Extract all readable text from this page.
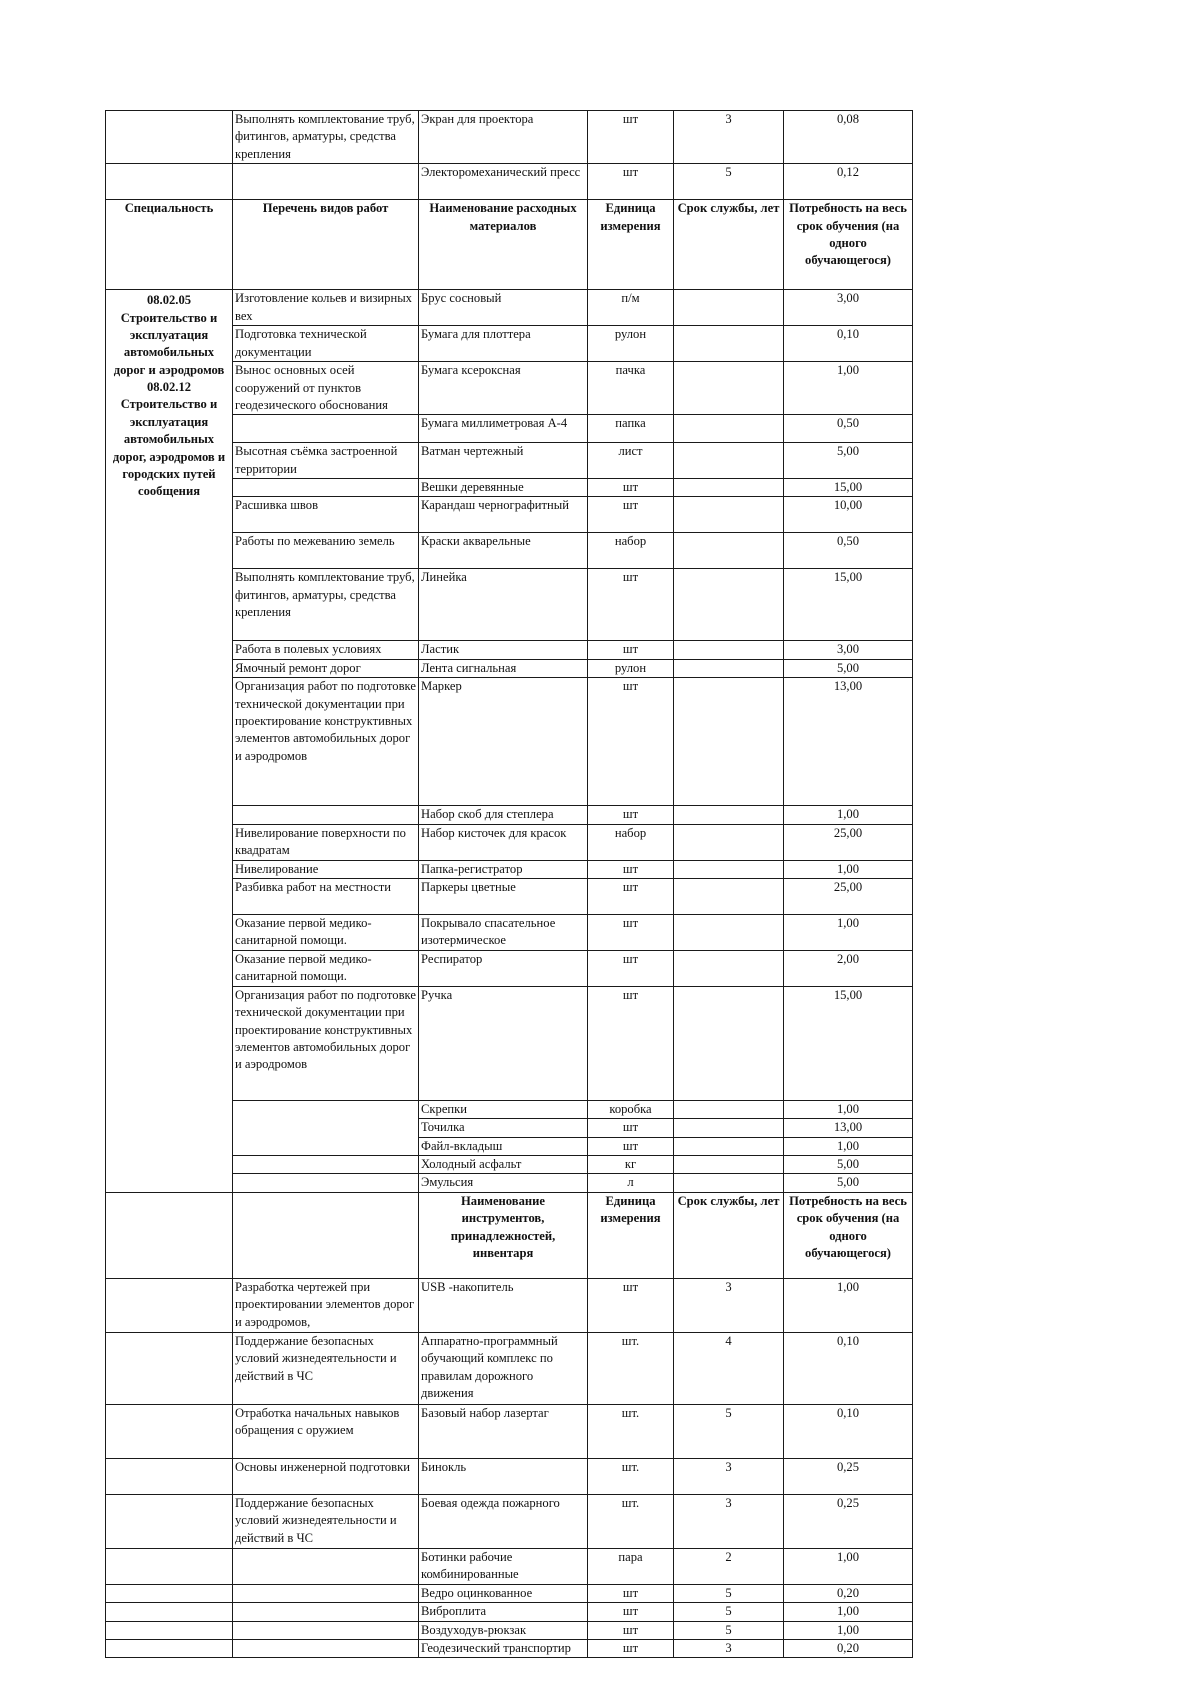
	Выполнять комплектование труб, фитингов, арматуры, средства крепления	Экран для проектора	шт	3	0,08
		Электоромеханический пресс	шт	5	0,12
Специальность	Перечень видов работ	Наименование расходных материалов	Единица измерения	Срок службы, лет	Потребность на весь срок обучения (на одного обучающегося)
08.02.05 Строительство и эксплуатация автомобильных дорог и аэродромов 08.02.12 Строительство и эксплуатация автомобильных дорог, аэродромов и городских путей сообщения	Изготовление кольев и визирных вех	Брус сосновый	п/м		3,00
	Подготовка технической документации	Бумага для плоттера	рулон		0,10
	Вынос основных осей сооружений от пунктов геодезического обоснования	Бумага ксероксная	пачка		1,00
		Бумага миллиметровая А-4	папка		0,50
	Высотная съёмка застроенной территории	Ватман чертежный	лист		5,00
		Вешки деревянные	шт		15,00
	Расшивка швов	Карандаш чернографитный	шт		10,00
	Работы по межеванию земель	Краски акварельные	набор		0,50
	Выполнять комплектование труб, фитингов, арматуры, средства крепления	Линейка	шт		15,00
	Работа в полевых условиях	Ластик	шт		3,00
	Ямочный ремонт дорог	Лента сигнальная	рулон		5,00
	Организация работ по подготовке технической документации при проектирование конструктивных элементов автомобильных дорог и аэродромов	Маркер	шт		13,00
		Набор скоб для степлера	шт		1,00
	Нивелирование поверхности по квадратам	Набор кисточек для красок	набор		25,00
	Нивелирование	Папка-регистратор	шт		1,00
	Разбивка работ на местности	Паркеры цветные	шт		25,00
	Оказание первой медико-санитарной помощи.	Покрывало спасательное изотермическое	шт		1,00
	Оказание первой медико-санитарной помощи.	Респиратор	шт		2,00
	Организация работ по подготовке технической документации при проектирование конструктивных элементов автомобильных дорог и аэродромов	Ручка	шт		15,00
		Скрепки	коробка		1,00
		Точилка	шт		13,00
		Файл-вкладыш	шт		1,00
		Холодный асфальт	кг		5,00
		Эмульсия	л		5,00
		Наименование инструментов, принадлежностей, инвентаря	Единица измерения	Срок службы, лет	Потребность на весь срок обучения (на одного обучающегося)
	Разработка чертежей при проектировании элементов дорог и аэродромов,	USB -накопитель	шт	3	1,00
	Поддержание безопасных условий жизнедеятельности и действий в ЧС	Аппаратно-программный обучающий комплекс по правилам дорожного движения	шт.	4	0,10
	Отработка начальных навыков обращения с оружием	Базовый набор лазертаг	шт.	5	0,10
	Основы инженерной подготовки	Бинокль	шт.	3	0,25
	Поддержание безопасных условий жизнедеятельности и действий в ЧС	Боевая одежда пожарного	шт.	3	0,25
		Ботинки рабочие комбинированные	пара	2	1,00
		Ведро оцинкованное	шт	5	0,20
		Виброплита	шт	5	1,00
		Воздуходув-рюкзак	шт	5	1,00
		Геодезический транспортир	шт	3	0,20
